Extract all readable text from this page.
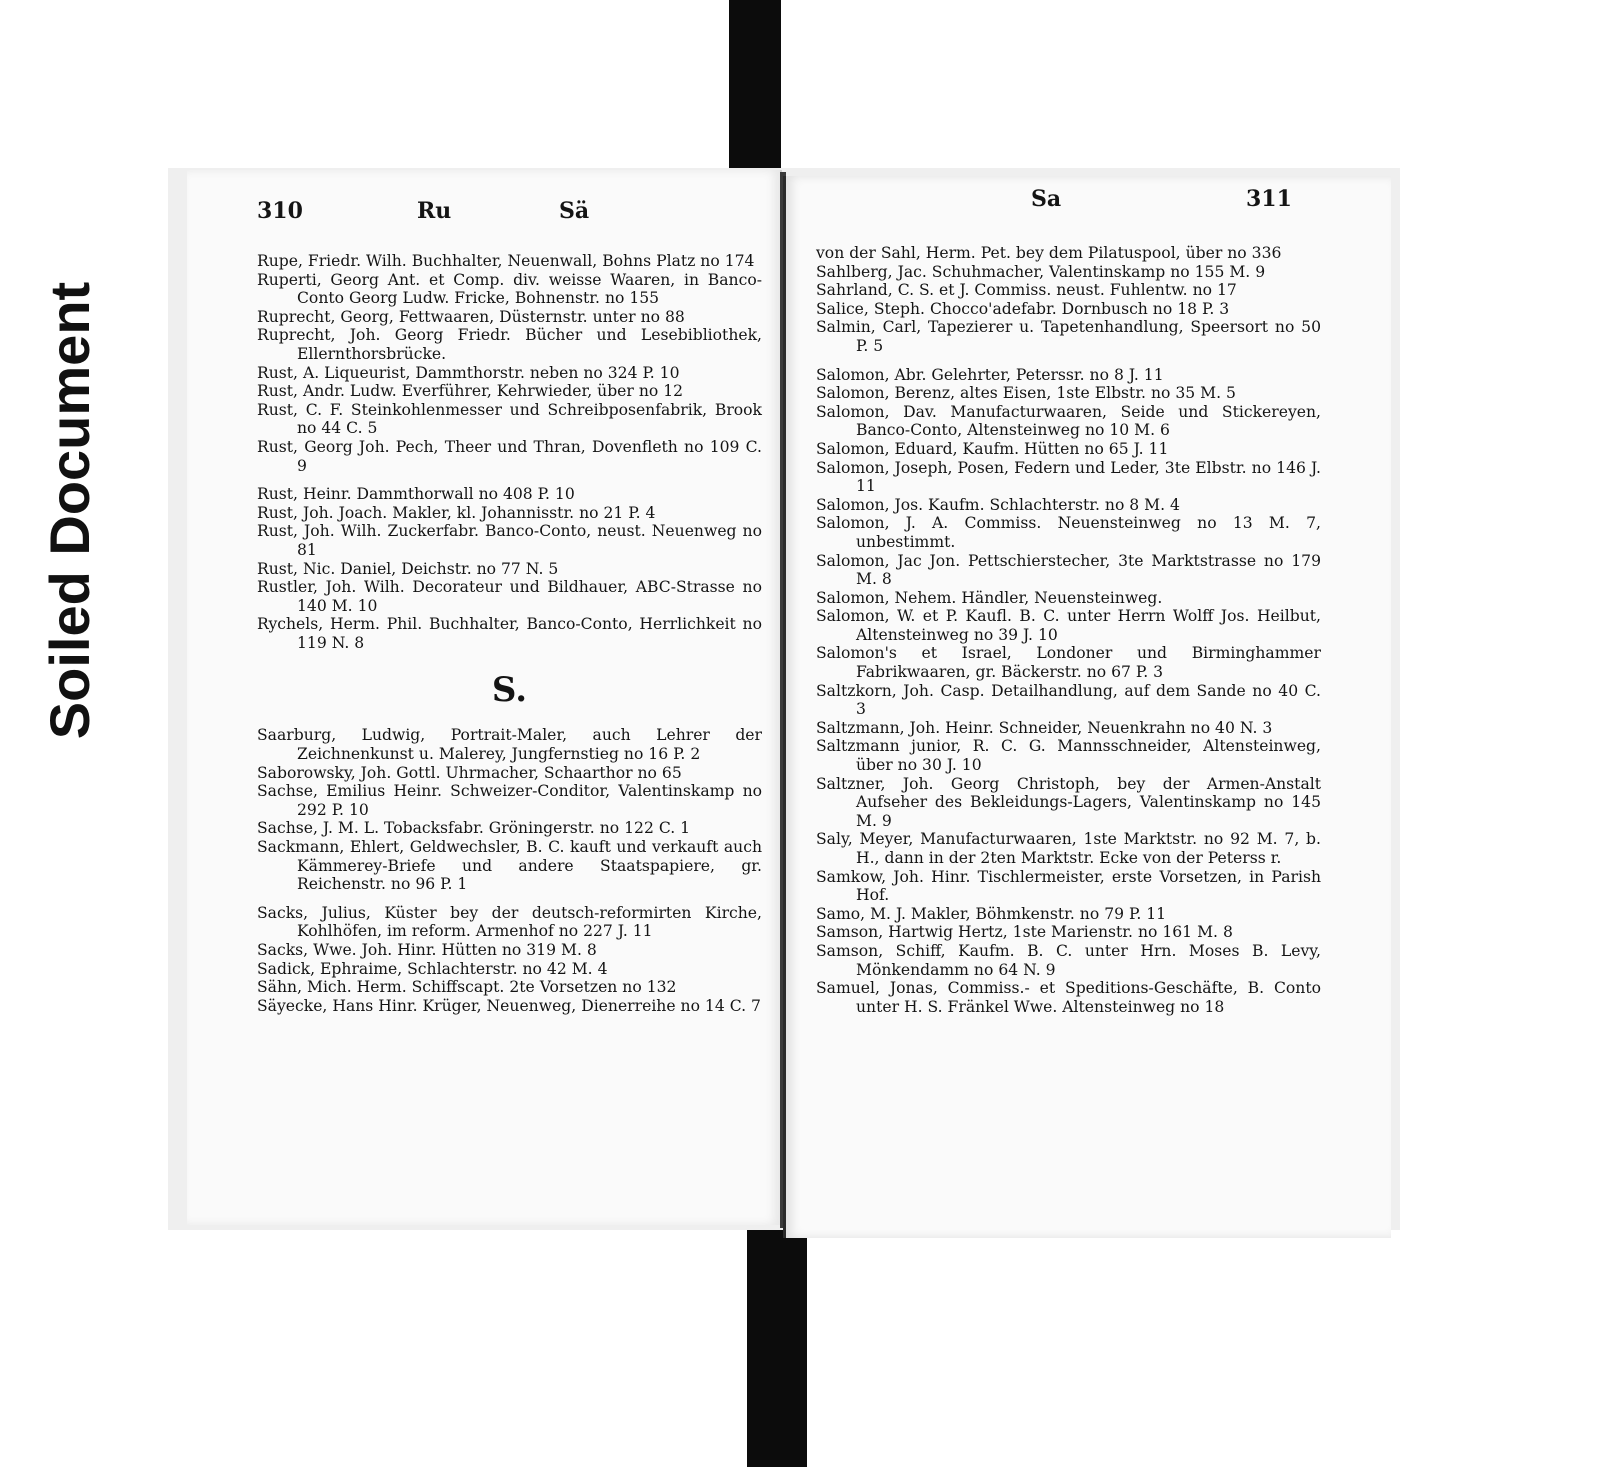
Soiled Document
310	Ru	Sä

Rupe, Friedr. Wilh. Buchhalter, Neuenwall, Bohns Platz no 174

Ruperti, Georg Ant. et Comp. div. weisse Waaren, in Banco-Conto Georg Ludw. Fricke, Bohnenstr. no 155

Ruprecht, Georg, Fettwaaren, Düsternstr. unter no 88

Ruprecht, Joh. Georg Friedr. Bücher und Lesebibliothek, Ellernthorsbrücke.

Rust, A. Liqueurist, Dammthorstr. neben no 324 P. 10

Rust, Andr. Ludw. Everführer, Kehrwieder, über no 12

Rust, C. F. Steinkohlenmesser und Schreibposenfabrik, Brook no 44 C. 5

Rust, Georg Joh. Pech, Theer und Thran, Dovenfleth no 109 C. 9

Rust, Heinr. Dammthorwall no 408 P. 10

Rust, Joh. Joach. Makler, kl. Johannisstr. no 21 P. 4

Rust, Joh. Wilh. Zuckerfabr. Banco-Conto, neust. Neuenweg no 81

Rust, Nic. Daniel, Deichstr. no 77 N. 5

Rustler, Joh. Wilh. Decorateur und Bildhauer, ABC-Strasse no 140 M. 10

Rychels, Herm. Phil. Buchhalter, Banco-Conto, Herrlichkeit no 119 N. 8

S.

Saarburg, Ludwig, Portrait-Maler, auch Lehrer der Zeichnenkunst u. Malerey, Jungfernstieg no 16 P. 2

Saborowsky, Joh. Gottl. Uhrmacher, Schaarthor no 65

Sachse, Emilius Heinr. Schweizer-Conditor, Valentinskamp no 292 P. 10

Sachse, J. M. L. Tobacksfabr. Gröningerstr. no 122 C. 1

Sackmann, Ehlert, Geldwechsler, B. C. kauft und verkauft auch Kämmerey-Briefe und andere Staatspapiere, gr. Reichenstr. no 96 P. 1

Sacks, Julius, Küster bey der deutsch-reformirten Kirche, Kohlhöfen, im reform. Armenhof no 227 J. 11

Sacks, Wwe. Joh. Hinr. Hütten no 319 M. 8

Sadick, Ephraime, Schlachterstr. no 42 M. 4

Sähn, Mich. Herm. Schiffscapt. 2te Vorsetzen no 132

Säyecke, Hans Hinr. Krüger, Neuenweg, Dienerreihe no 14 C. 7

Sa	311

von der Sahl, Herm. Pet. bey dem Pilatuspool, über no 336

Sahlberg, Jac. Schuhmacher, Valentinskamp no 155 M. 9

Sahrland, C. S. et J. Commiss. neust. Fuhlentw. no 17

Salice, Steph. Chocco'adefabr. Dornbusch no 18 P. 3

Salmin, Carl, Tapezierer u. Tapetenhandlung, Speersort no 50 P. 5

Salomon, Abr. Gelehrter, Peterssr. no 8 J. 11

Salomon, Berenz, altes Eisen, 1ste Elbstr. no 35 M. 5

Salomon, Dav. Manufacturwaaren, Seide und Stickereyen, Banco-Conto, Altensteinweg no 10 M. 6

Salomon, Eduard, Kaufm. Hütten no 65 J. 11

Salomon, Joseph, Posen, Federn und Leder, 3te Elbstr. no 146 J. 11

Salomon, Jos. Kaufm. Schlachterstr. no 8 M. 4

Salomon, J. A. Commiss. Neuensteinweg no 13 M. 7, unbestimmt.

Salomon, Jac Jon. Pettschierstecher, 3te Marktstrasse no 179 M. 8

Salomon, Nehem. Händler, Neuensteinweg.

Salomon, W. et P. Kaufl. B. C. unter Herrn Wolff Jos. Heilbut, Altensteinweg no 39 J. 10

Salomon's et Israel, Londoner und Birminghammer Fabrikwaaren, gr. Bäckerstr. no 67 P. 3

Saltzkorn, Joh. Casp. Detailhandlung, auf dem Sande no 40 C. 3

Saltzmann, Joh. Heinr. Schneider, Neuenkrahn no 40 N. 3

Saltzmann junior, R. C. G. Mannsschneider, Altensteinweg, über no 30 J. 10

Saltzner, Joh. Georg Christoph, bey der Armen-Anstalt Aufseher des Bekleidungs-Lagers, Valentinskamp no 145 M. 9

Saly, Meyer, Manufacturwaaren, 1ste Marktstr. no 92 M. 7, b. H., dann in der 2ten Marktstr. Ecke von der Peterss r.

Samkow, Joh. Hinr. Tischlermeister, erste Vorsetzen, in Parish Hof.

Samo, M. J. Makler, Böhmkenstr. no 79 P. 11

Samson, Hartwig Hertz, 1ste Marienstr. no 161 M. 8

Samson, Schiff, Kaufm. B. C. unter Hrn. Moses B. Levy, Mönkendamm no 64 N. 9

Samuel, Jonas, Commiss.- et Speditions-Geschäfte, B. Conto unter H. S. Fränkel Wwe. Altensteinweg no 18
